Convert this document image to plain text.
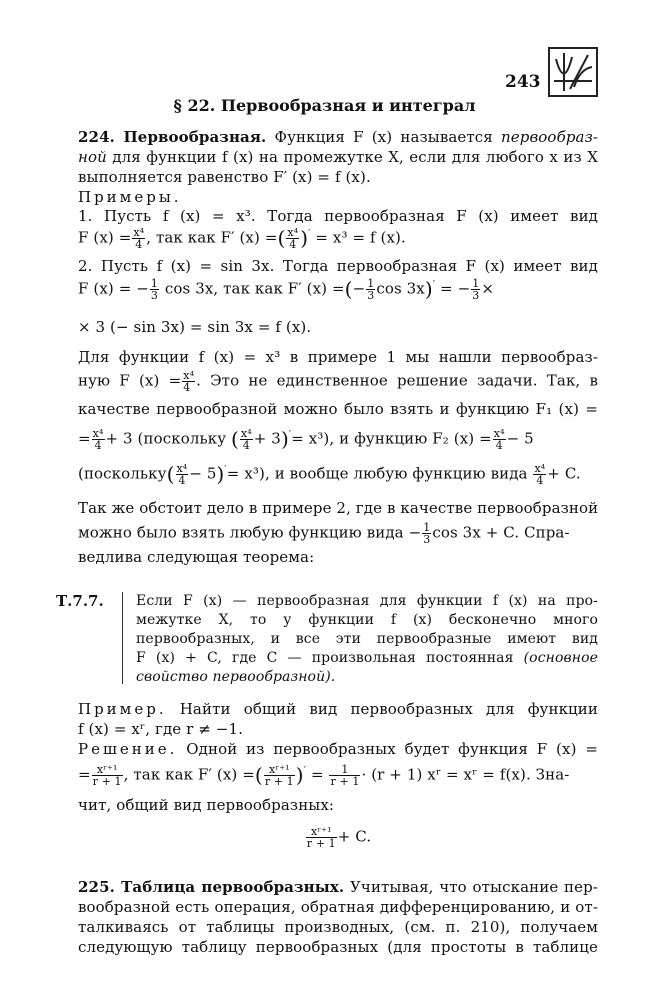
243
§ 22. Первообразная и интеграл
224. Первообразная. Функция F (x) называется первообраз-
ной для функции f (x) на промежутке X, если для любого x из X
выполняется равенство F′ (x) = f (x).
Примеры.
1. Пусть f (x) = x³. Тогда первообразная F (x) имеет вид
F $(x) = \frac{\text{x⁴}}{4}$ , так как F′ (x) =( $\frac{\text{x⁴}}{4} )' = x^3 = f$ (x).
2. Пусть f (x) = sin 3x. Тогда первообразная F (x) имеет вид
F (x) = − $\frac{1}{3}$ cos 3x, так как F′ (x) =(− $\frac{1}{3}$ cos 3x)′ = − $\frac{1}{3}$ ×
× 3 (− sin 3x) = sin 3x = f (x).
Для функции f (x) = x³ в примере 1 мы нашли первообраз-
ную F $(x) = \frac{\text{x⁴}}{4}$ . Это не единственное решение задачи. Так, в
качестве первообразной можно было взять и функцию F₁ (x) =
= $\frac{\text{x⁴}}{4} + 3$ (поскольку ( $\frac{\text{x⁴}}{4} + 3)'= x^3$), и функцию F₂ $(x) = \frac{\text{x⁴}}{4} - 5$
(поскольку( $\frac{\text{x⁴}}{4} - 5)'= x^3$), и вообще любую функцию вида $\frac{\text{x⁴}}{4} + C$.
Так же обстоит дело в примере 2, где в качестве первообразной
можно было взять любую функцию вида − $\frac{1}{3}$ cos 3x + C. Спра-
ведлива следующая теорема:
Т.7.7. Если F (x) — первообразная для функции f (x) на про-
межутке X, то у функции f (x) бесконечно много
первообразных, и все эти первообразные имеют вид
F (x) + C, где C — произвольная постоянная (основное
свойство первообразной).
Пример. Найти общий вид первообразных для функции
f (x) = xʳ, где r ≠ −1.
Решение. Одной из первообразных будет функция F (x) =
= $\frac{\text{xʳ⁺¹}}{r + 1}$ , так как F′ (x) =( $\frac{\text{xʳ⁺¹}}{r + 1} )' = \frac{1}{r + 1} \cdot (r + 1)$ xʳ = xʳ = f(x). Зна-
чит, общий вид первообразных:
$\frac{\text{xʳ⁺¹}}{r + 1} + C$.
225. Таблица первообразных. Учитывая, что отыскание пер-
вообразной есть операция, обратная дифференцированию, и от-
талкиваясь от таблицы производных, (см. п. 210), получаем
следующую таблицу первообразных (для простоты в таблице
